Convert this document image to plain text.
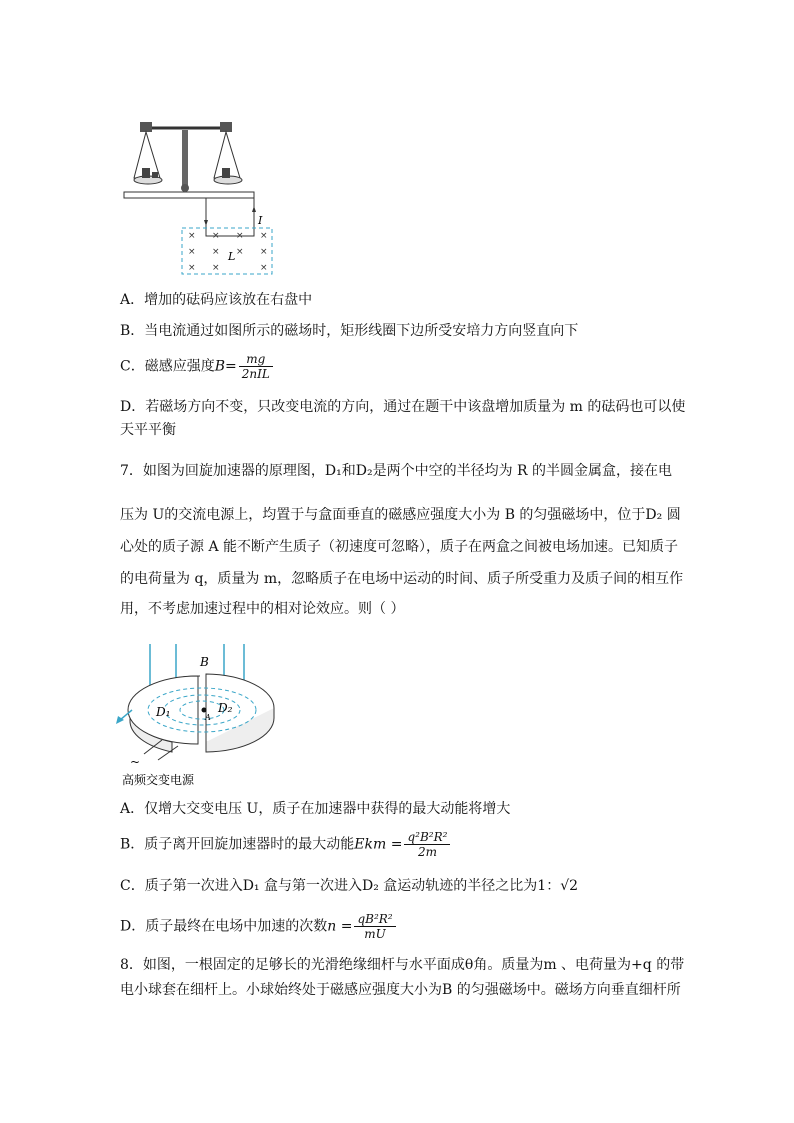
× × × ×
× × × ×
× ×	×
I
L
A．增加的砝码应该放在右盘中
B．当电流通过如图所示的磁场时，矩形线圈下边所受安培力方向竖直向下
C．磁感应强度$B= \frac{mg}{\text{2nIL}}$
D．若磁场方向不变，只改变电流的方向，通过在题干中该盘增加质量为 m 的砝码也可以使
天平平衡
7．如图为回旋加速器的原理图，D₁和D₂是两个中空的半径均为 R 的半圆金属盒，接在电
压为 U的交流电源上，均置于与盒面垂直的磁感应强度大小为 B 的匀强磁场中，位于D₂ 圆
心处的质子源 A 能不断产生质子（初速度可忽略），质子在两盒之间被电场加速。已知质子
的电荷量为 q，质量为 m，忽略质子在电场中运动的时间、质子所受重力及质子间的相互作
用，不考虑加速过程中的相对论效应。则（ ）
B
D₁	D₂
A
~
高频交变电源
A．仅增大交变电压 U，质子在加速器中获得的最大动能将增大
B．质子离开回旋加速器时的最大动能Ekm = $\frac{\text{q²B²R²}}{2m}$
C．质子第一次进入D₁ 盒与第一次进入D₂ 盒运动轨迹的半径之比为1：√2
D．质子最终在电场中加速的次数$n = \frac{\text{qB²R²}}{mU}$
8．如图，一根固定的足够长的光滑绝缘细杆与水平面成θ角。质量为m 、电荷量为+q 的带
电小球套在细杆上。小球始终处于磁感应强度大小为B 的匀强磁场中。磁场方向垂直细杆所
